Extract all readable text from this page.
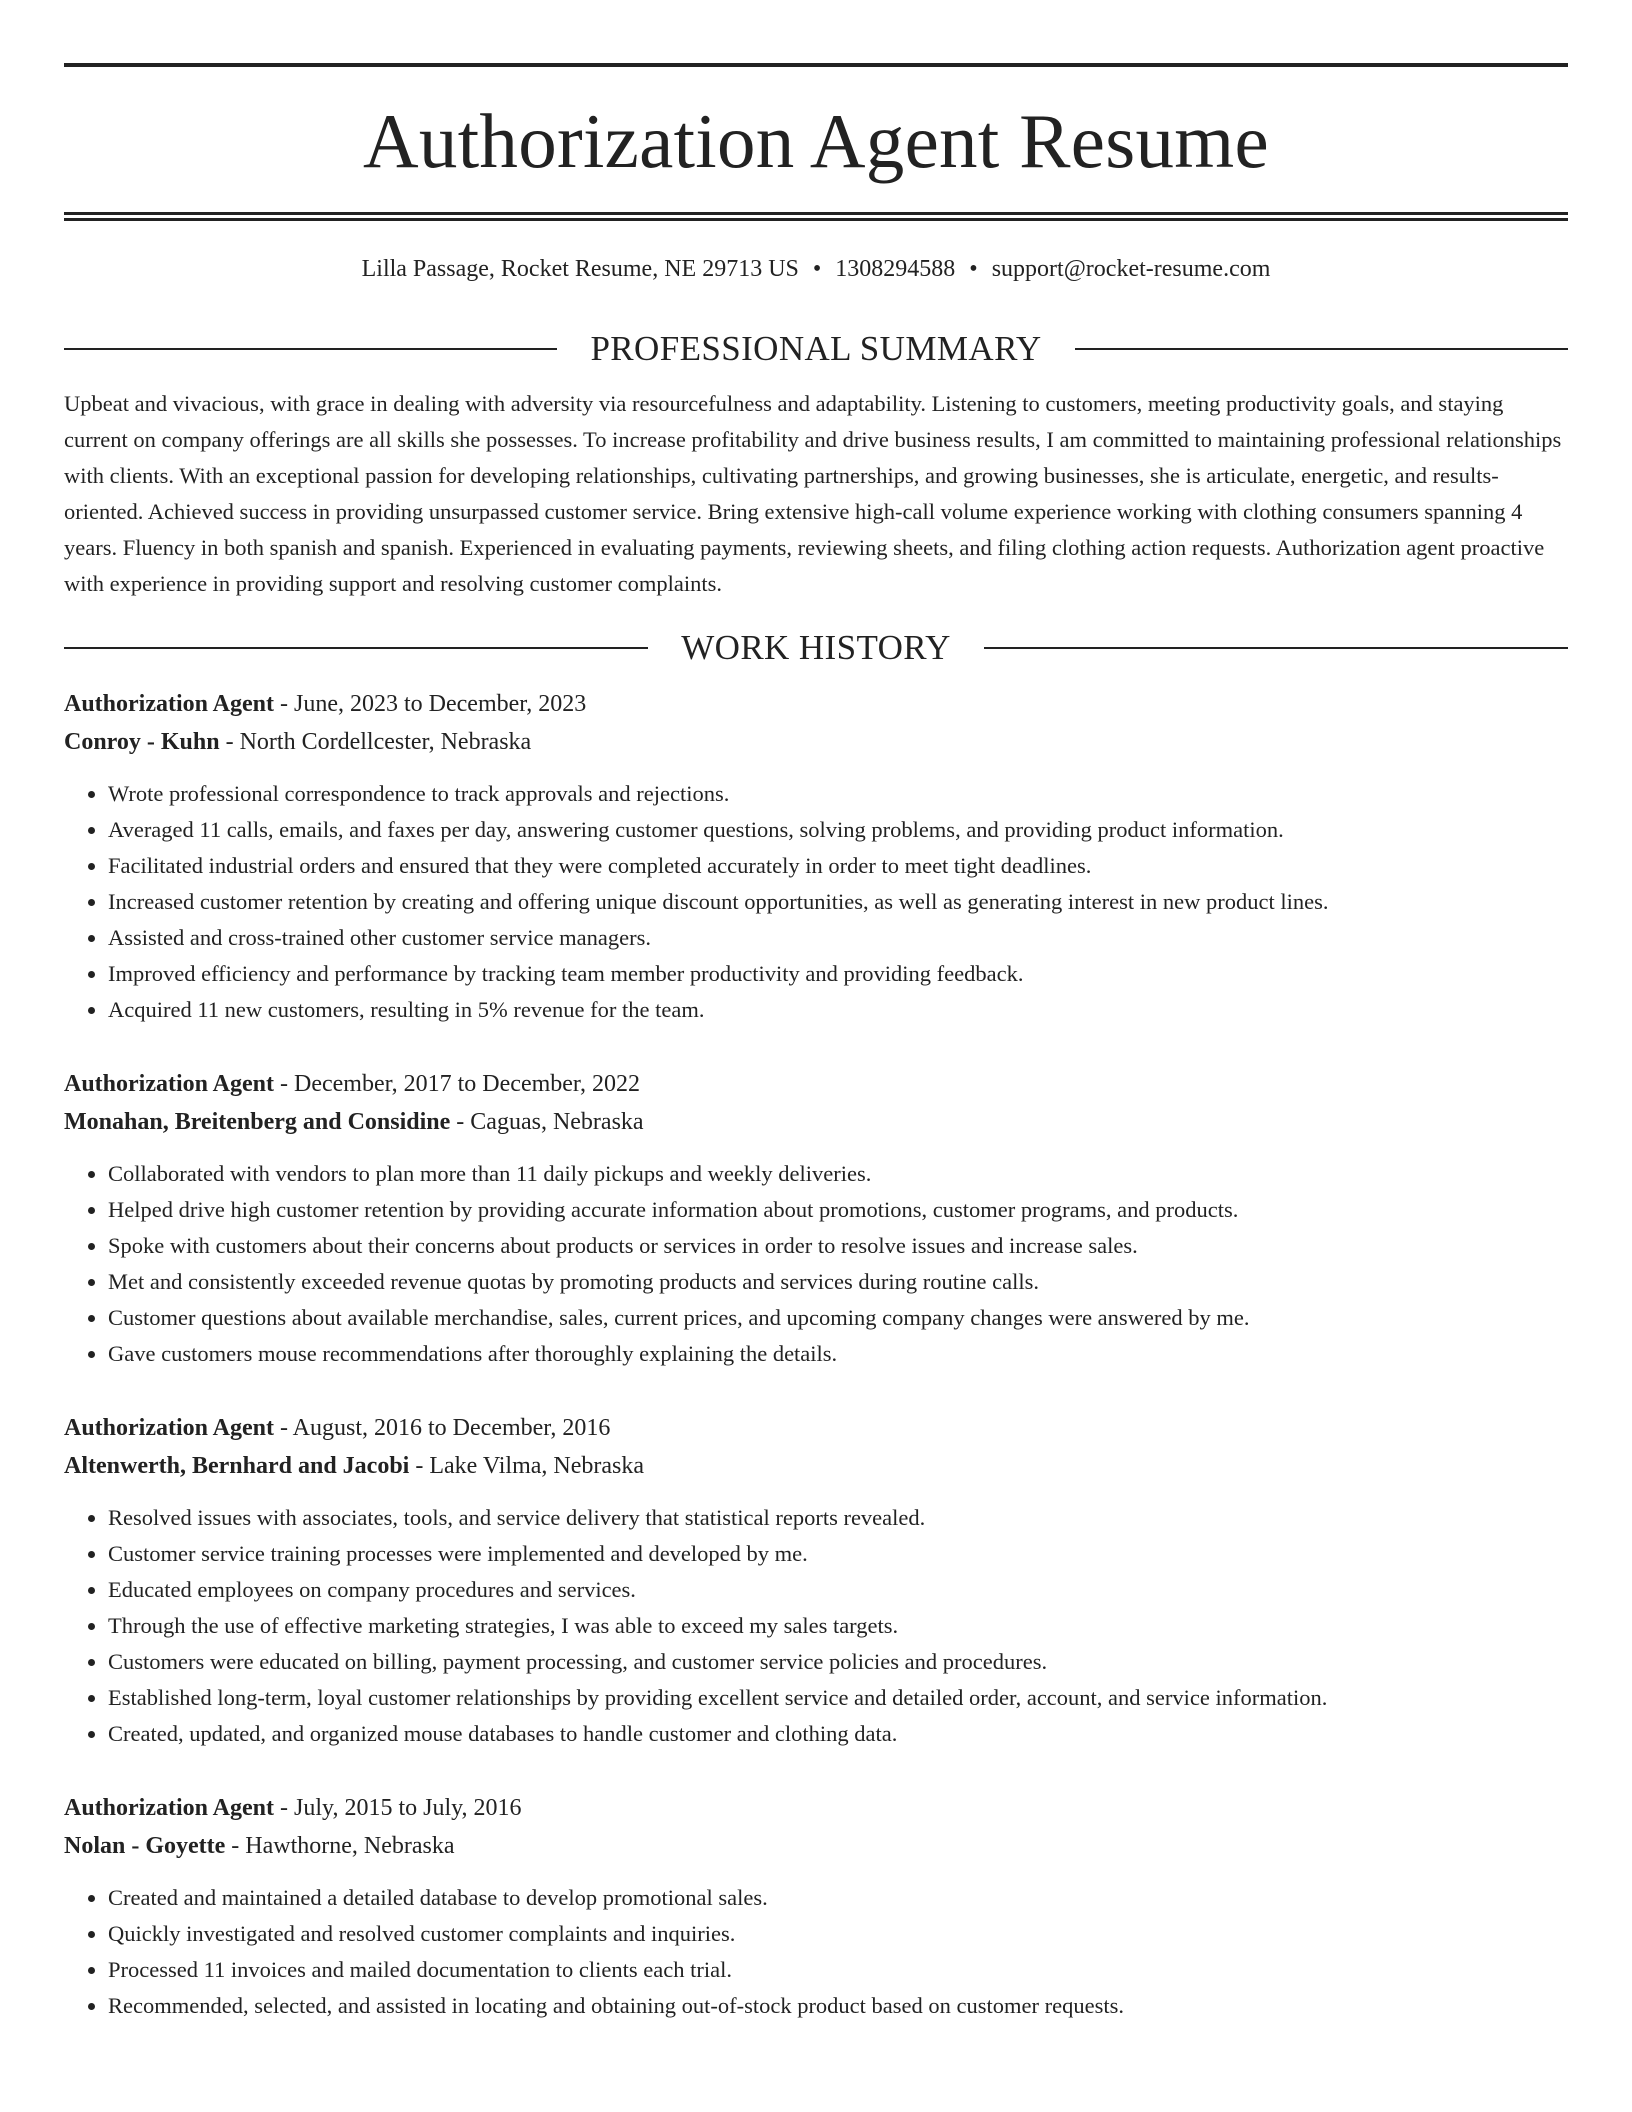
Authorization Agent Resume
Lilla Passage, Rocket Resume, NE 29713 US • 1308294588 • support@rocket-resume.com
PROFESSIONAL SUMMARY

Upbeat and vivacious, with grace in dealing with adversity via resourcefulness and adaptability. Listening to customers, meeting productivity goals, and staying current on company offerings are all skills she possesses. To increase profitability and drive business results, I am committed to maintaining professional relationships with clients. With an exceptional passion for developing relationships, cultivating partnerships, and growing businesses, she is articulate, energetic, and results-oriented. Achieved success in providing unsurpassed customer service. Bring extensive high-call volume experience working with clothing consumers spanning 4 years. Fluency in both spanish and spanish. Experienced in evaluating payments, reviewing sheets, and filing clothing action requests. Authorization agent proactive with experience in providing support and resolving customer complaints.

WORK HISTORY
Authorization Agent - June, 2023 to December, 2023
Conroy - Kuhn - North Cordellcester, Nebraska
• Wrote professional correspondence to track approvals and rejections.
• Averaged 11 calls, emails, and faxes per day, answering customer questions, solving problems, and providing product information.
• Facilitated industrial orders and ensured that they were completed accurately in order to meet tight deadlines.
• Increased customer retention by creating and offering unique discount opportunities, as well as generating interest in new product lines.
• Assisted and cross-trained other customer service managers.
• Improved efficiency and performance by tracking team member productivity and providing feedback.
• Acquired 11 new customers, resulting in 5% revenue for the team.
Authorization Agent - December, 2017 to December, 2022
Monahan, Breitenberg and Considine - Caguas, Nebraska
• Collaborated with vendors to plan more than 11 daily pickups and weekly deliveries.
• Helped drive high customer retention by providing accurate information about promotions, customer programs, and products.
• Spoke with customers about their concerns about products or services in order to resolve issues and increase sales.
• Met and consistently exceeded revenue quotas by promoting products and services during routine calls.
• Customer questions about available merchandise, sales, current prices, and upcoming company changes were answered by me.
• Gave customers mouse recommendations after thoroughly explaining the details.
Authorization Agent - August, 2016 to December, 2016
Altenwerth, Bernhard and Jacobi - Lake Vilma, Nebraska
• Resolved issues with associates, tools, and service delivery that statistical reports revealed.
• Customer service training processes were implemented and developed by me.
• Educated employees on company procedures and services.
• Through the use of effective marketing strategies, I was able to exceed my sales targets.
• Customers were educated on billing, payment processing, and customer service policies and procedures.
• Established long-term, loyal customer relationships by providing excellent service and detailed order, account, and service information.
• Created, updated, and organized mouse databases to handle customer and clothing data.
Authorization Agent - July, 2015 to July, 2016
Nolan - Goyette - Hawthorne, Nebraska
• Created and maintained a detailed database to develop promotional sales.
• Quickly investigated and resolved customer complaints and inquiries.
• Processed 11 invoices and mailed documentation to clients each trial.
• Recommended, selected, and assisted in locating and obtaining out-of-stock product based on customer requests.
